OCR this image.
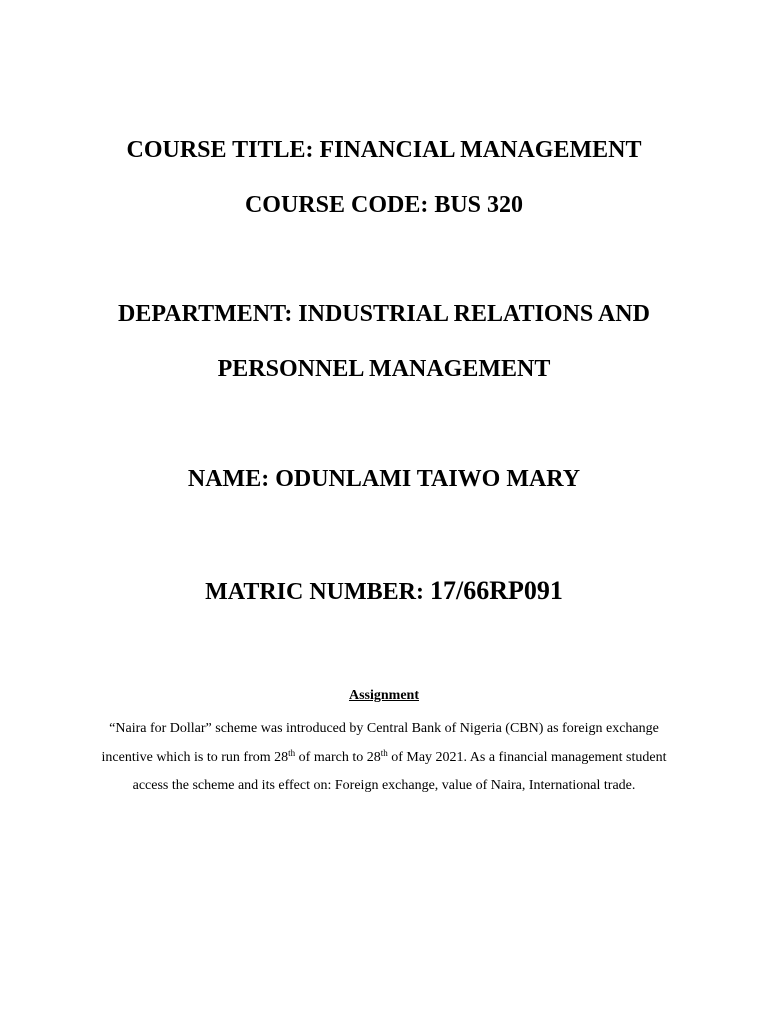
COURSE TITLE: FINANCIAL MANAGEMENT
COURSE CODE: BUS 320
DEPARTMENT: INDUSTRIAL RELATIONS AND
PERSONNEL MANAGEMENT
NAME: ODUNLAMI TAIWO MARY
MATRIC NUMBER: 17/66RP091
Assignment
“Naira for Dollar” scheme was introduced by Central Bank of Nigeria (CBN) as foreign exchange incentive which is to run from 28th of march to 28th of May 2021. As a financial management student access the scheme and its effect on: Foreign exchange, value of Naira, International trade.
